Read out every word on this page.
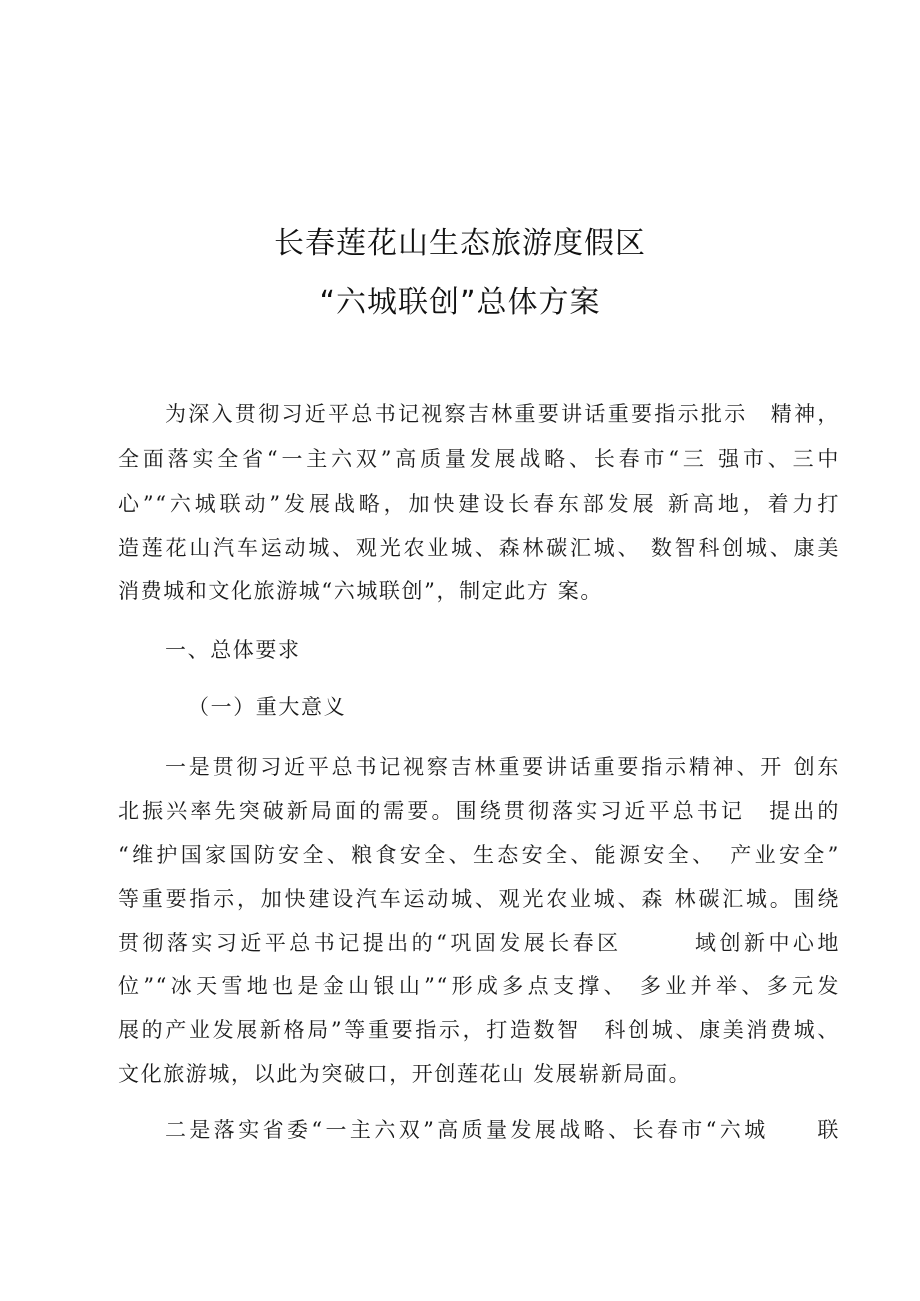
长春莲花山生态旅游度假区
“六城联创”总体方案
为深入贯彻习近平总书记视察吉林重要讲话重要指示批示　精神，
全面落实全省“一主六双”高质量发展战略、长春市“三 强市、三中
心”“六城联动”发展战略，加快建设长春东部发展 新高地，着力打
造莲花山汽车运动城、观光农业城、森林碳汇城、 数智科创城、康美
消费城和文化旅游城“六城联创”，制定此方 案。
一、总体要求
（一）重大意义
一是贯彻习近平总书记视察吉林重要讲话重要指示精神、开 创东
北振兴率先突破新局面的需要。围绕贯彻落实习近平总书记　提出的
“维护国家国防安全、粮食安全、生态安全、能源安全、　产业安全”
等重要指示，加快建设汽车运动城、观光农业城、森 林碳汇城。围绕
贯彻落实习近平总书记提出的“巩固发展长春区　　　域创新中心地
位”“冰天雪地也是金山银山”“形成多点支撑、 多业并举、多元发
展的产业发展新格局”等重要指示，打造数智　科创城、康美消费城、
文化旅游城，以此为突破口，开创莲花山 发展崭新局面。
二是落实省委“一主六双”高质量发展战略、长春市“六城　　联
